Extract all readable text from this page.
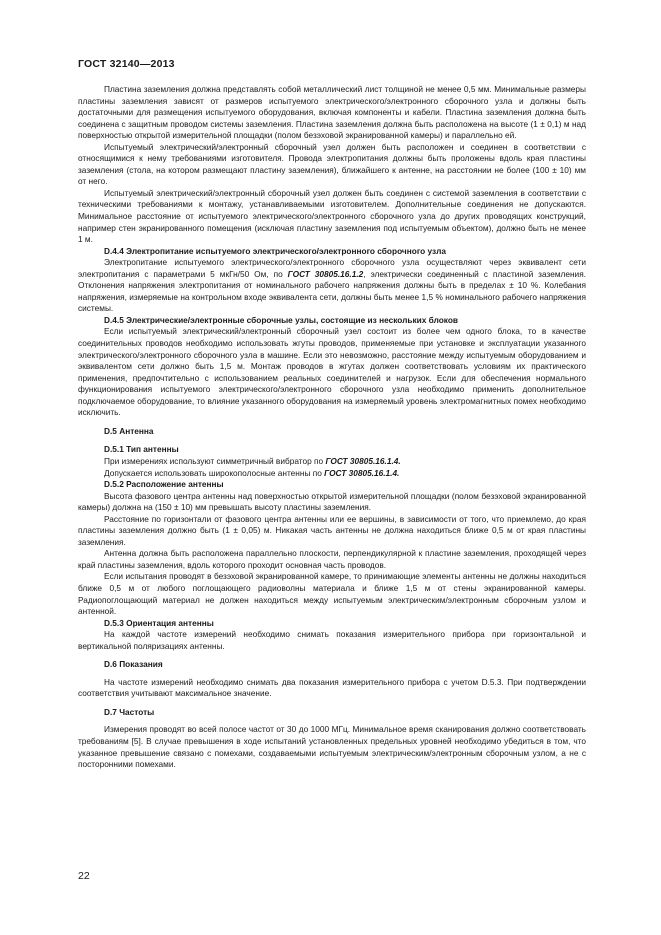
ГОСТ 32140—2013

Пластина заземления должна представлять собой металлический лист толщиной не менее 0,5 мм. Минимальные размеры пластины заземления зависят от размеров испытуемого электрического/электронного сборочного узла и должны быть достаточными для размещения испытуемого оборудования, включая компоненты и кабели. Пластина заземления должна быть соединена с защитным проводом системы заземления. Пластина заземления должна быть расположена на высоте (1 ± 0,1) м над поверхностью открытой измерительной площадки (полом безэховой экранированной камеры) и параллельно ей.

Испытуемый электрический/электронный сборочный узел должен быть расположен и соединен в соответствии с относящимися к нему требованиями изготовителя. Провода электропитания должны быть проложены вдоль края пластины заземления (стола, на котором размещают пластину заземления), ближайшего к антенне, на расстоянии не более (100 ± 10) мм от него.

Испытуемый электрический/электронный сборочный узел должен быть соединен с системой заземления в соответствии с техническими требованиями к монтажу, устанавливаемыми изготовителем. Дополнительные соединения не допускаются. Минимальное расстояние от испытуемого электрического/электронного сборочного узла до других проводящих конструкций, например стен экранированного помещения (исключая пластину заземления под испытуемым объектом), должно быть не менее 1 м.

D.4.4 Электропитание испытуемого электрического/электронного сборочного узла

Электропитание испытуемого электрического/электронного сборочного узла осуществляют через эквивалент сети электропитания с параметрами 5 мкГн/50 Ом, по ГОСТ 30805.16.1.2, электрически соединенный с пластиной заземления. Отклонения напряжения электропитания от номинального рабочего напряжения должны быть в пределах ± 10 %. Колебания напряжения, измеряемые на контрольном входе эквивалента сети, должны быть менее 1,5 % номинального рабочего напряжения системы.

D.4.5 Электрические/электронные сборочные узлы, состоящие из нескольких блоков

Если испытуемый электрический/электронный сборочный узел состоит из более чем одного блока, то в качестве соединительных проводов необходимо использовать жгуты проводов, применяемые при установке и эксплуатации указанного электрического/электронного сборочного узла в машине. Если это невозможно, расстояние между испытуемым оборудованием и эквивалентом сети должно быть 1,5 м. Монтаж проводов в жгутах должен соответствовать условиям их практического применения, предпочтительно с использованием реальных соединителей и нагрузок. Если для обеспечения нормального функционирования испытуемого электрического/электронного сборочного узла необходимо применить дополнительное подключаемое оборудование, то влияние указанного оборудования на измеряемый уровень электромагнитных помех необходимо исключить.

D.5 Антенна

D.5.1 Тип антенны

При измерениях используют симметричный вибратор по ГОСТ 30805.16.1.4.

Допускается использовать широкополосные антенны по ГОСТ 30805.16.1.4.

D.5.2 Расположение антенны

Высота фазового центра антенны над поверхностью открытой измерительной площадки (полом безэховой экранированной камеры) должна на (150 ± 10) мм превышать высоту пластины заземления.

Расстояние по горизонтали от фазового центра антенны или ее вершины, в зависимости от того, что приемлемо, до края пластины заземления должно быть (1 ± 0,05) м. Никакая часть антенны не должна находиться ближе 0,5 м от края пластины заземления.

Антенна должна быть расположена параллельно плоскости, перпендикулярной к пластине заземления, проходящей через край пластины заземления, вдоль которого проходит основная часть проводов.

Если испытания проводят в безэховой экранированной камере, то принимающие элементы антенны не должны находиться ближе 0,5 м от любого поглощающего радиоволны материала и ближе 1,5 м от стены экранированной камеры. Радиопоглощающий материал не должен находиться между испытуемым электрическим/электронным сборочным узлом и антенной.

D.5.3 Ориентация антенны

На каждой частоте измерений необходимо снимать показания измерительного прибора при горизонтальной и вертикальной поляризациях антенны.

D.6 Показания

На частоте измерений необходимо снимать два показания измерительного прибора с учетом D.5.3. При подтверждении соответствия учитывают максимальное значение.

D.7 Частоты

Измерения проводят во всей полосе частот от 30 до 1000 МГц. Минимальное время сканирования должно соответствовать требованиям [5]. В случае превышения в ходе испытаний установленных предельных уровней необходимо убедиться в том, что указанное превышение связано с помехами, создаваемыми испытуемым электрическим/электронным сборочным узлом, а не с посторонними помехами.

22
